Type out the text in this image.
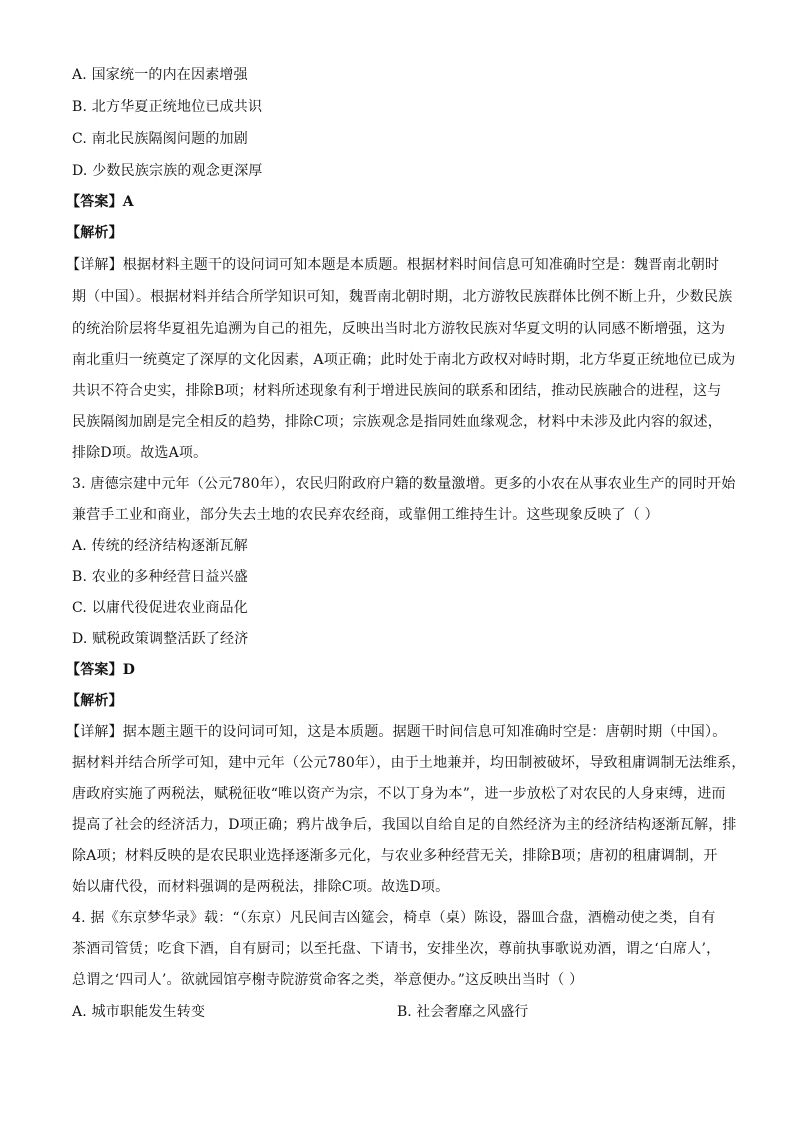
A. 国家统一的内在因素增强
B. 北方华夏正统地位已成共识
C. 南北民族隔阂问题的加剧
D. 少数民族宗族的观念更深厚
【答案】A
【解析】
【详解】根据材料主题干的设问词可知本题是本质题。根据材料时间信息可知准确时空是：魏晋南北朝时
期（中国）。根据材料并结合所学知识可知，魏晋南北朝时期，北方游牧民族群体比例不断上升，少数民族
的统治阶层将华夏祖先追溯为自己的祖先，反映出当时北方游牧民族对华夏文明的认同感不断增强，这为
南北重归一统奠定了深厚的文化因素，A项正确；此时处于南北方政权对峙时期，北方华夏正统地位已成为
共识不符合史实，排除B项；材料所述现象有利于增进民族间的联系和团结，推动民族融合的进程，这与
民族隔阂加剧是完全相反的趋势，排除C项；宗族观念是指同姓血缘观念，材料中未涉及此内容的叙述，
排除D项。故选A项。
3. 唐德宗建中元年（公元780年），农民归附政府户籍的数量激增。更多的小农在从事农业生产的同时开始
兼营手工业和商业，部分失去土地的农民弃农经商，或靠佣工维持生计。这些现象反映了（ ）
A. 传统的经济结构逐渐瓦解
B. 农业的多种经营日益兴盛
C. 以庸代役促进农业商品化
D. 赋税政策调整活跃了经济
【答案】D
【解析】
【详解】据本题主题干的设问词可知，这是本质题。据题干时间信息可知准确时空是：唐朝时期（中国）。
据材料并结合所学可知，建中元年（公元780年），由于土地兼并，均田制被破坏，导致租庸调制无法维系，
唐政府实施了两税法，赋税征收“唯以资产为宗，不以丁身为本”，进一步放松了对农民的人身束缚，进而
提高了社会的经济活力，D项正确；鸦片战争后，我国以自给自足的自然经济为主的经济结构逐渐瓦解，排
除A项；材料反映的是农民职业选择逐渐多元化，与农业多种经营无关，排除B项；唐初的租庸调制，开
始以庸代役，而材料强调的是两税法，排除C项。故选D项。
4. 据《东京梦华录》载：“（东京）凡民间吉凶筵会，椅卓（桌）陈设，器皿合盘，酒檐动使之类，自有
茶酒司管赁；吃食下酒，自有厨司；以至托盘、下请书，安排坐次，尊前执事歌说劝酒，谓之‘白席人’，
总谓之‘四司人’。欲就园馆亭榭寺院游赏命客之类，举意便办。”这反映出当时（ ）
A. 城市职能发生转变	B. 社会奢靡之风盛行
